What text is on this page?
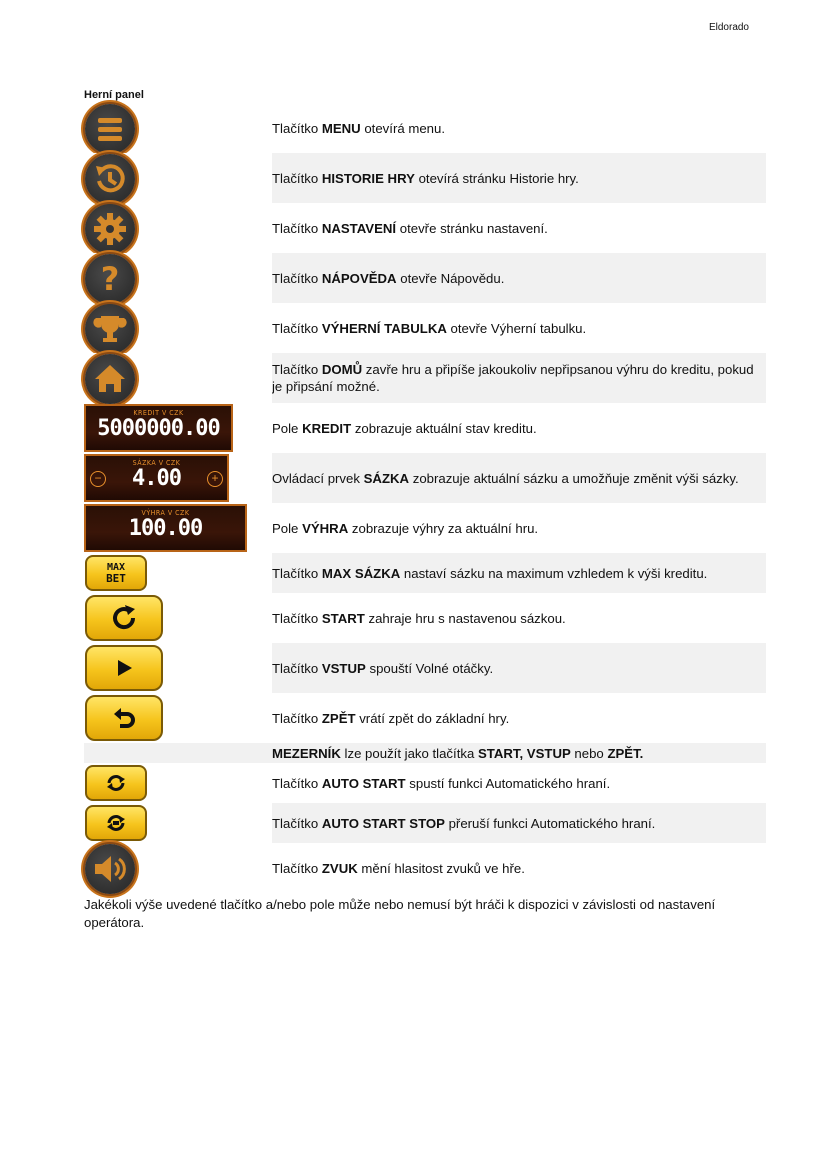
Eldorado
Herní panel
Tlačítko MENU otevírá menu.
Tlačítko HISTORIE HRY otevírá stránku Historie hry.
Tlačítko NASTAVENÍ otevře stránku nastavení.
?	Tlačítko NÁPOVĚDA otevře Nápovědu.
Tlačítko VÝHERNÍ TABULKA otevře Výherní tabulku.
Tlačítko DOMŮ zavře hru a připíše jakoukoliv nepřipsanou výhru do kreditu, pokud je připsání možné.
KREDIT V CZK
5000000.00	Pole KREDIT zobrazuje aktuální stav kreditu.
SÁZKA V CZK
− 4.00	+	Ovládací prvek SÁZKA zobrazuje aktuální sázku a umožňuje změnit výši sázky.
VÝHRA V CZK
100.00	Pole VÝHRA zobrazuje výhry za aktuální hru.
MAX
BET	Tlačítko MAX SÁZKA nastaví sázku na maximum vzhledem k výši kreditu.
Tlačítko START zahraje hru s nastavenou sázkou.
Tlačítko VSTUP spouští Volné otáčky.
Tlačítko ZPĚT vrátí zpět do základní hry.
MEZERNÍK lze použít jako tlačítka START, VSTUP nebo ZPĚT.
Tlačítko AUTO START spustí funkci Automatického hraní.
Tlačítko AUTO START STOP přeruší funkci Automatického hraní.
Tlačítko ZVUK mění hlasitost zvuků ve hře.
Jakékoli výše uvedené tlačítko a/nebo pole může nebo nemusí být hráči k dispozici v závislosti od nastavení operátora.
